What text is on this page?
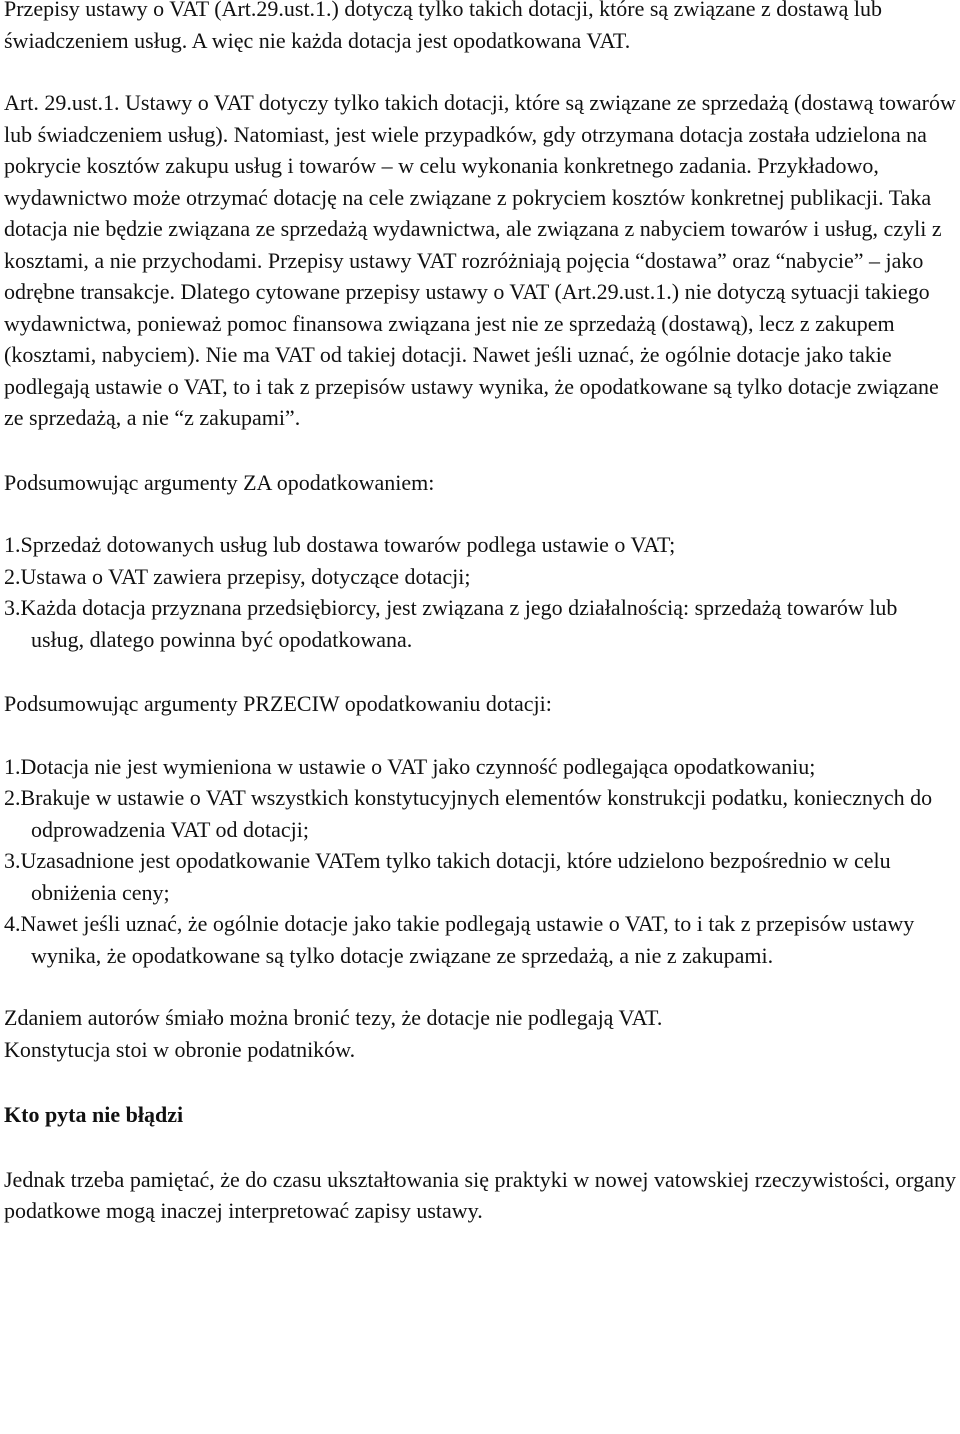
Przepisy ustawy o VAT (Art.29.ust.1.) dotyczą tylko takich dotacji, które są związane z dostawą lub świadczeniem usług. A więc nie każda dotacja jest opodatkowana VAT.

Art. 29.ust.1. Ustawy o VAT dotyczy tylko takich dotacji, które są związane ze sprzedażą (dostawą towarów lub świadczeniem usług). Natomiast, jest wiele przypadków, gdy otrzymana dotacja została udzielona na pokrycie kosztów zakupu usług i towarów – w celu wykonania konkretnego zadania. Przykładowo, wydawnictwo może otrzymać dotację na cele związane z pokryciem kosztów konkretnej publikacji. Taka dotacja nie będzie związana ze sprzedażą wydawnictwa, ale związana z nabyciem towarów i usług, czyli z kosztami, a nie przychodami. Przepisy ustawy VAT rozróżniają pojęcia “dostawa” oraz “nabycie” – jako odrębne transakcje. Dlatego cytowane przepisy ustawy o VAT (Art.29.ust.1.) nie dotyczą sytuacji takiego wydawnictwa, ponieważ pomoc finansowa związana jest nie ze sprzedażą (dostawą), lecz z zakupem (kosztami, nabyciem). Nie ma VAT od takiej dotacji. Nawet jeśli uznać, że ogólnie dotacje jako takie podlegają ustawie o VAT, to i tak z przepisów ustawy wynika, że opodatkowane są tylko dotacje związane ze sprzedażą, a nie “z zakupami”.

Podsumowując argumenty ZA opodatkowaniem:

1.Sprzedaż dotowanych usług lub dostawa towarów podlega ustawie o VAT;
2.Ustawa o VAT zawiera przepisy, dotyczące dotacji;
3.Każda dotacja przyznana przedsiębiorcy, jest związana z jego działalnością: sprzedażą towarów lub usług, dlatego powinna być opodatkowana.

Podsumowując argumenty PRZECIW opodatkowaniu dotacji:

1.Dotacja nie jest wymieniona w ustawie o VAT jako czynność podlegająca opodatkowaniu;
2.Brakuje w ustawie o VAT wszystkich konstytucyjnych elementów konstrukcji podatku, koniecznych do odprowadzenia VAT od dotacji;
3.Uzasadnione jest opodatkowanie VATem tylko takich dotacji, które udzielono bezpośrednio w celu obniżenia ceny;
4.Nawet jeśli uznać, że ogólnie dotacje jako takie podlegają ustawie o VAT, to i tak z przepisów ustawy wynika, że opodatkowane są tylko dotacje związane ze sprzedażą, a nie z zakupami.

Zdaniem autorów śmiało można bronić tezy, że dotacje nie podlegają VAT.

Konstytucja stoi w obronie podatników.

Kto pyta nie błądzi

Jednak trzeba pamiętać, że do czasu ukształtowania się praktyki w nowej vatowskiej rzeczywistości, organy podatkowe mogą inaczej interpretować zapisy ustawy.
